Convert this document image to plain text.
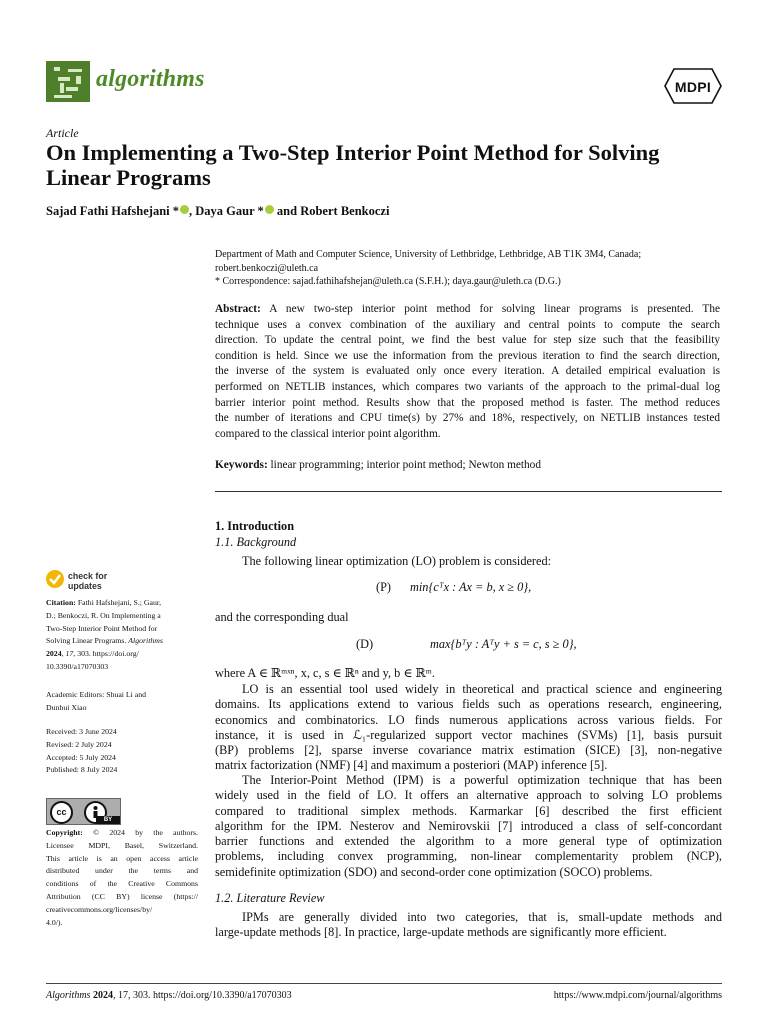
algorithms	MDPI
Article
On Implementing a Two-Step Interior Point Method for Solving
Linear Programs
Sajad Fathi Hafshejani * , Daya Gaur * and Robert Benkoczi
Department of Math and Computer Science, University of Lethbridge, Lethbridge, AB T1K 3M4, Canada;
robert.benkoczi@uleth.ca
* Correspondence: sajad.fathihafshejan@uleth.ca (S.F.H.); daya.gaur@uleth.ca (D.G.)
Abstract: A new two-step interior point method for solving linear programs is presented. The
technique uses a convex combination of the auxiliary and central points to compute the search
direction. To update the central point, we find the best value for step size such that the feasibility
condition is held. Since we use the information from the previous iteration to find the search direction,
the inverse of the system is evaluated only once every iteration. A detailed empirical evaluation is
performed on NETLIB instances, which compares two variants of the approach to the primal-dual log
barrier interior point method. Results show that the proposed method is faster. The method reduces
the number of iterations and CPU time(s) by 27% and 18%, respectively, on NETLIB instances tested
compared to the classical interior point algorithm.
Keywords: linear programming; interior point method; Newton method
check for
updates
Citation: Fathi Hafshejani, S.; Gaur,
D.; Benkoczi, R. On Implementing a
Two-Step Interior Point Method for
Solving Linear Programs. Algorithms
2024, 17, 303. https://doi.org/
10.3390/a17070303
Academic Editors: Shuai Li and
Dunhui Xiao
Received: 3 June 2024
Revised: 2 July 2024
Accepted: 5 July 2024
Published: 8 July 2024
cc
BY
Copyright: © 2024 by the authors.
Licensee MDPI, Basel, Switzerland.
This article is an open access article
distributed under the terms and
conditions of the Creative Commons
Attribution (CC BY) license (https://
creativecommons.org/licenses/by/
4.0/).
1. Introduction
1.1. Background
The following linear optimization (LO) problem is considered:
(P) min{cᵀx : Ax = b, x ≥ 0},
and the corresponding dual
(D)	max{bᵀy : Aᵀy + s = c, s ≥ 0},
where A ∈ ℝᵐˣⁿ, x, c, s ∈ ℝⁿ and y, b ∈ ℝᵐ.
LO is an essential tool used widely in theoretical and practical science and engineering
domains. Its applications extend to various fields such as operations research, engineering,
economics and combinatorics. LO finds numerous applications across various fields. For
instance, it is used in ℒ₁-regularized support vector machines (SVMs) [1], basis pursuit
(BP) problems [2], sparse inverse covariance matrix estimation (SICE) [3], non-negative
matrix factorization (NMF) [4] and maximum a posteriori (MAP) inference [5].
The Interior-Point Method (IPM) is a powerful optimization technique that has been
widely used in the field of LO. It offers an alternative approach to solving LO problems
compared to traditional simplex methods. Karmarkar [6] described the first efficient
algorithm for the IPM. Nesterov and Nemirovskii [7] introduced a class of self-concordant
barrier functions and extended the algorithm to a more general type of optimization
problems, including convex programming, non-linear complementarity problem (NCP),
semidefinite optimization (SDO) and second-order cone optimization (SOCO) problems.
1.2. Literature Review
IPMs are generally divided into two categories, that is, small-update methods and
large-update methods [8]. In practice, large-update methods are significantly more efficient.
Algorithms 2024, 17, 303. https://doi.org/10.3390/a17070303	https://www.mdpi.com/journal/algorithms
